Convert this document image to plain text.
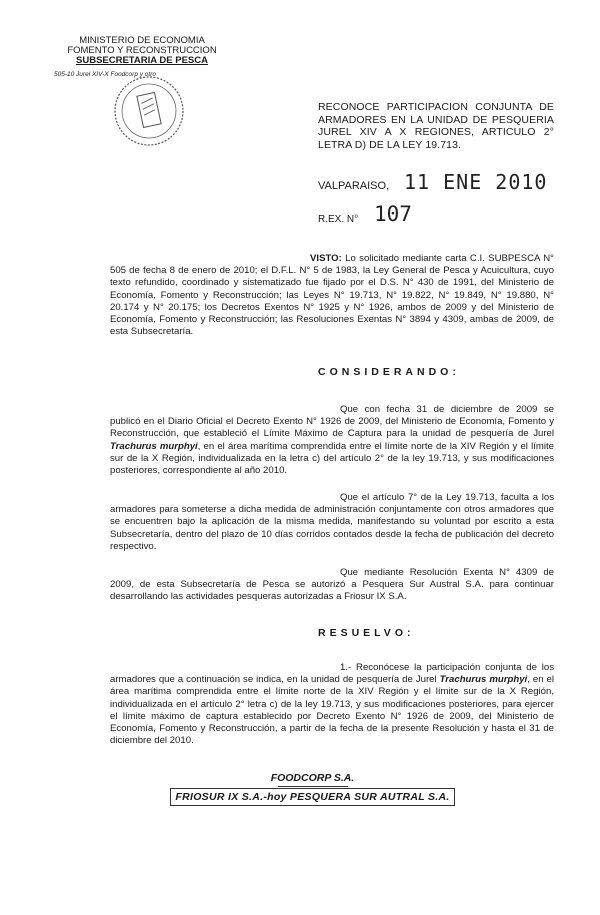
MINISTERIO DE ECONOMIA
FOMENTO Y RECONSTRUCCION
SUBSECRETARIA DE PESCA
505-10 Jurel XIV-X Foodcorp y otro
RECONOCE PARTICIPACION CONJUNTA DE ARMADORES EN LA UNIDAD DE PESQUERIA JUREL XIV A X REGIONES, ARTICULO 2° LETRA D) DE LA LEY 19.713.
VALPARAISO, 11 ENE 2010
R.EX. N° 107
VISTO: Lo solicitado mediante carta C.I. SUBPESCA N° 505 de fecha 8 de enero de 2010; el D.F.L. N° 5 de 1983, la Ley General de Pesca y Acuicultura, cuyo texto refundido, coordinado y sistematizado fue fijado por el D.S. N° 430 de 1991, del Ministerio de Economía, Fomento y Reconstrucción; las Leyes N° 19.713, N° 19.822, N° 19.849, N° 19.880, N° 20.174 y N° 20.175; los Decretos Exentos N° 1925 y N° 1926, ambos de 2009 y del Ministerio de Economía, Fomento y Reconstrucción; las Resoluciones Exentas N° 3894 y 4309, ambas de 2009, de esta Subsecretaría.
CONSIDERANDO:
Que con fecha 31 de diciembre de 2009 se publicó en el Diario Oficial el Decreto Exento N° 1926 de 2009, del Ministerio de Economía, Fomento y Reconstrucción, que estableció el Límite Máximo de Captura para la unidad de pesquería de Jurel Trachurus murphyi, en el área marítima comprendida entre el límite norte de la XIV Región y el límite sur de la X Región, individualizada en la letra c) del artículo 2° de la ley 19.713, y sus modificaciones posteriores, correspondiente al año 2010.
Que el artículo 7° de la Ley 19.713, faculta a los armadores para someterse a dicha medida de administración conjuntamente con otros armadores que se encuentren bajo la aplicación de la misma medida, manifestando su voluntad por escrito a esta Subsecretaría, dentro del plazo de 10 días corridos contados desde la fecha de publicación del decreto respectivo.
Que mediante Resolución Exenta N° 4309 de 2009, de esta Subsecretaría de Pesca se autorizó a Pesquera Sur Austral S.A. para continuar desarrollando las actividades pesqueras autorizadas a Friosur IX S.A.
RESUELVO:
1.- Reconócese la participación conjunta de los armadores que a continuación se indica, en la unidad de pesquería de Jurel Trachurus murphyi, en el área marítima comprendida entre el límite norte de la XIV Región y el límite sur de la X Región, individualizada en el artículo 2° letra c) de la ley 19.713, y sus modificaciones posteriores, para ejercer el límite máximo de captura establecido por Decreto Exento N° 1926 de 2009, del Ministerio de Economía, Fomento y Reconstrucción, a partir de la fecha de la presente Resolución y hasta el 31 de diciembre del 2010.
FOODCORP S.A.
FRIOSUR IX S.A.-hoy PESQUERA SUR AUTRAL S.A.
